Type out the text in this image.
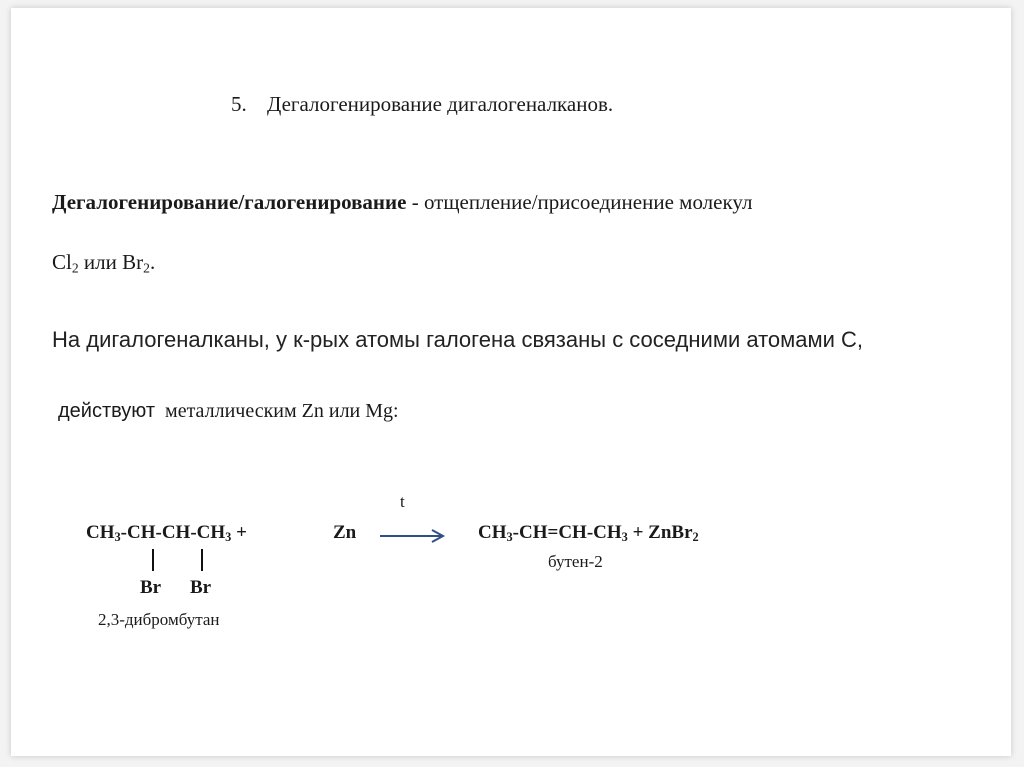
5. Дегалогенирование дигалогеналканов.
Дегалогенирование/галогенирование - отщепление/присоединение молекул
$Cl_2$ или $Br_2$.
На дигалогеналканы, у к-рых атомы галогена связаны с соседними атомами С,
действуют металлическим Zn или Mg:
$CH_3-CH-CH-CH_3$ +	Zn
t
$CH_3-CH=CH-CH_3$ + ZnBr$_2$
Br Br
2,3-дибромбутан
бутен-2
